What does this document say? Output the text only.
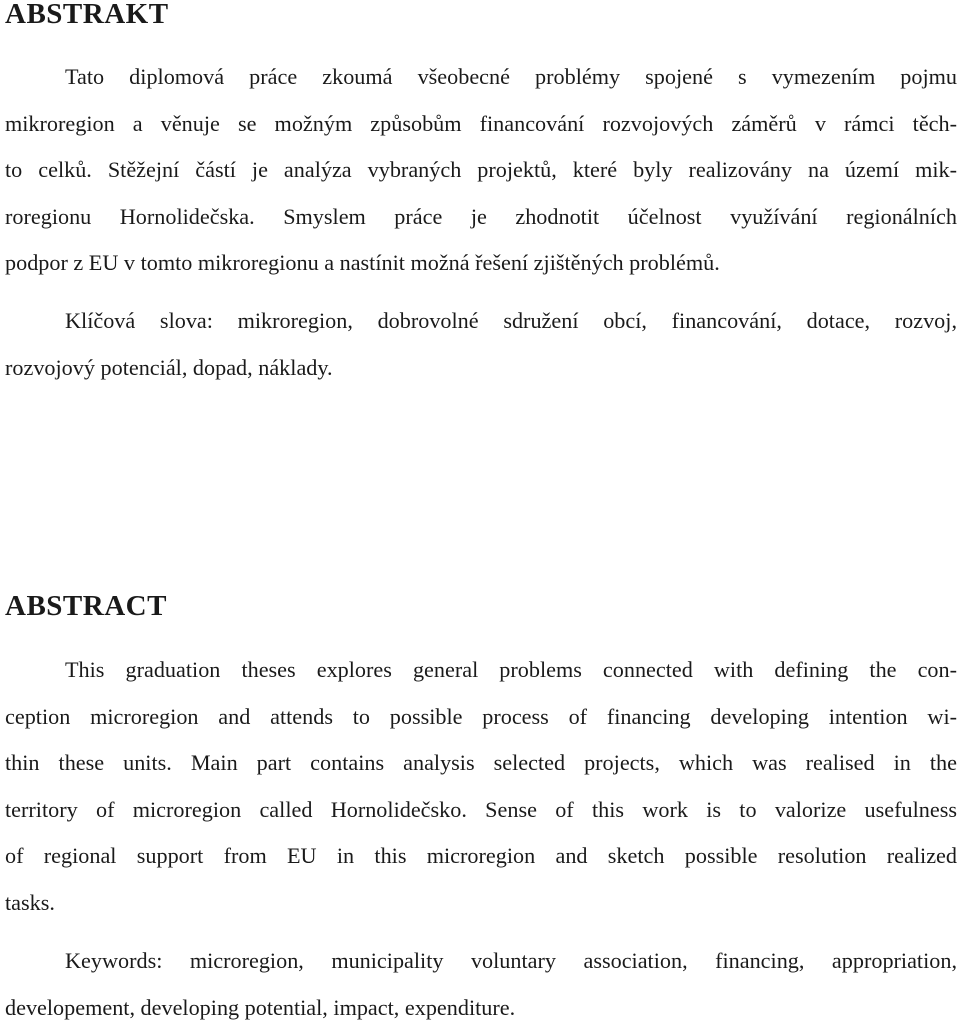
ABSTRAKT
Tato diplomová práce zkoumá všeobecné problémy spojené s vymezením pojmu
mikroregion a věnuje se možným způsobům financování rozvojových záměrů v rámci těch-
to celků. Stěžejní částí je analýza vybraných projektů, které byly realizovány na území mik-
roregionu Hornolidečska. Smyslem práce je zhodnotit účelnost využívání regionálních
podpor z EU v tomto mikroregionu a nastínit možná řešení zjištěných problémů.
Klíčová slova: mikroregion, dobrovolné sdružení obcí, financování, dotace, rozvoj,
rozvojový potenciál, dopad, náklady.
ABSTRACT
This graduation theses explores general problems connected with defining the con-
ception microregion and attends to possible process of financing developing intention wi-
thin these units. Main part contains analysis selected projects, which was realised in the
territory of microregion called Hornolidečsko. Sense of this work is to valorize usefulness
of regional support from EU in this microregion and sketch possible resolution realized
tasks.
Keywords: microregion, municipality voluntary association, financing, appropriation,
developement, developing potential, impact, expenditure.
